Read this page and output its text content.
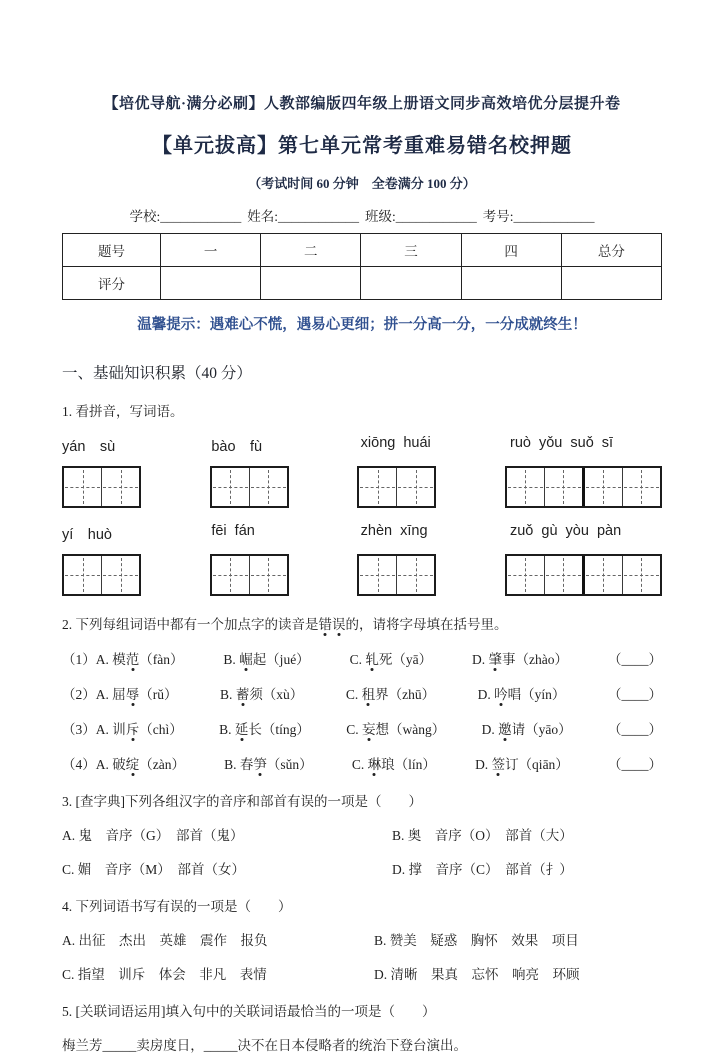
【培优导航·满分必刷】人教部编版四年级上册语文同步高效培优分层提升卷
【单元拔高】第七单元常考重难易错名校押题
（考试时间 60 分钟　全卷满分 100 分）
学校: ____________ 姓名: ____________ 班级: ____________ 考号: ____________
题号	一	二	三	四	总分
评分					
温馨提示：遇难心不慌，遇易心更细；拼一分高一分，一分成就终生！
一、基础知识积累（40 分）
1. 看拼音，写词语。
yán　sù	bào　fù	xiōng huái	ruò yǒu suǒ sī
yí　huò	fēi fán	zhèn xīng	zuǒ gù yòu pàn
2. 下列每组词语中都有一个加点字的读音是错误的，请将字母填在括号里。
（1）A. 模范（fàn）	B. 崛起（jué）	C. 轧死（yā）	D. 肇事（zhào）	（____）
（2）A. 屈辱（rǔ）	B. 蓄须（xù）	C. 租界（zhū）	D. 吟唱（yín）	（____）
（3）A. 训斥（chì）	B. 延长（tíng）	C. 妄想（wàng）	D. 邀请（yāo）	（____）
（4）A. 破绽（zàn）	B. 春笋（sǔn）	C. 琳琅（lín）	D. 签订（qiān）	（____）
3. [查字典]下列各组汉字的音序和部首有误的一项是（　　）
A. 鬼　音序（G）　部首（鬼）	B. 奥　音序（O）　部首（大）
C. 媚　音序（M）　部首（女）	D. 撑　音序（C）　部首（扌）
4. 下列词语书写有误的一项是（　　）
A. 出征　杰出　英雄　震作　报负	B. 赞美　疑惑　胸怀　效果　项目
C. 指望　训斥　体会　非凡　表情	D. 清晰　果真　忘怀　响亮　环顾
5. [关联词语运用]填入句中的关联词语最恰当的一项是（　　）
梅兰芳_____卖房度日，_____决不在日本侵略者的统治下登台演出。
